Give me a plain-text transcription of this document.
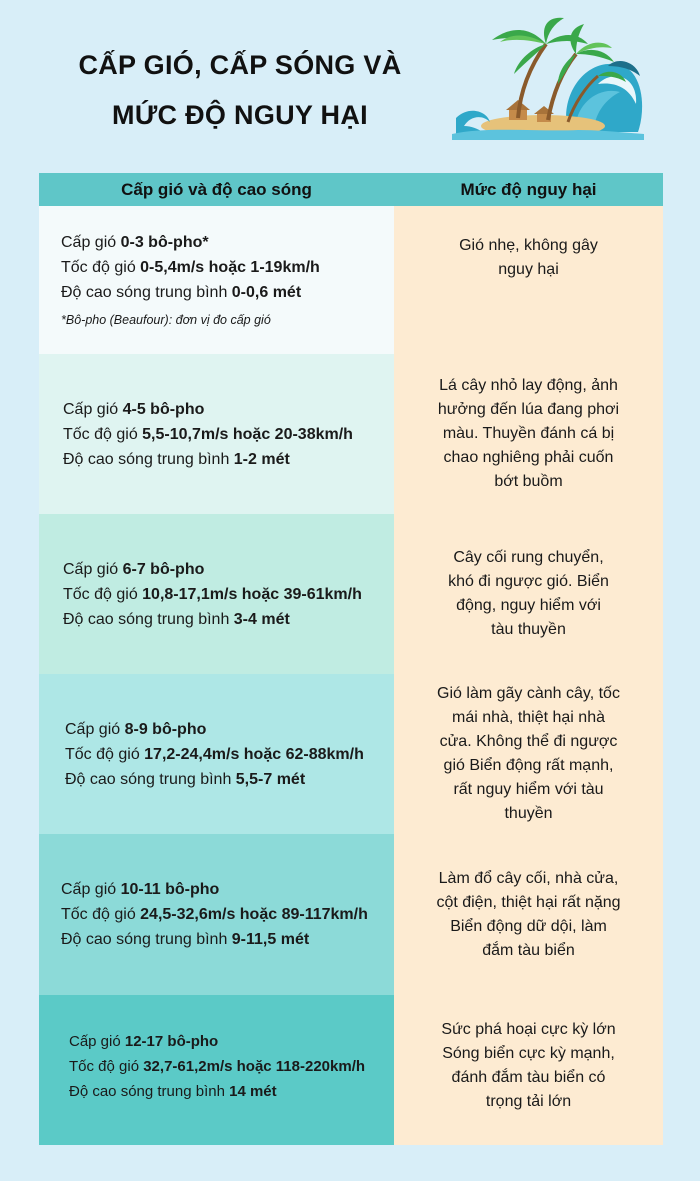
CẤP GIÓ, CẤP SÓNG VÀ
MỨC ĐỘ NGUY HẠI
Cấp gió và độ cao sóng	Mức độ nguy hại
Cấp gió 0-3 bô-pho*
Tốc độ gió 0-5,4m/s hoặc 1-19km/h
Độ cao sóng trung bình 0-0,6 mét
*Bô-pho (Beaufour): đơn vị đo cấp gió
Gió nhẹ, không gây nguy hại
Cấp gió 4-5 bô-pho
Tốc độ gió 5,5-10,7m/s hoặc 20-38km/h
Độ cao sóng trung bình 1-2 mét
Lá cây nhỏ lay động, ảnh hưởng đến lúa đang phơi màu. Thuyền đánh cá bị chao nghiêng phải cuốn bớt buồm
Cấp gió 6-7 bô-pho
Tốc độ gió 10,8-17,1m/s hoặc 39-61km/h
Độ cao sóng trung bình 3-4 mét
Cây cối rung chuyển, khó đi ngược gió. Biển động, nguy hiểm với tàu thuyền
Cấp gió 8-9 bô-pho
Tốc độ gió 17,2-24,4m/s hoặc 62-88km/h
Độ cao sóng trung bình 5,5-7 mét
Gió làm gãy cành cây, tốc mái nhà, thiệt hại nhà cửa. Không thể đi ngược gió Biển động rất mạnh, rất nguy hiểm với tàu thuyền
Cấp gió 10-11 bô-pho
Tốc độ gió 24,5-32,6m/s hoặc 89-117km/h
Độ cao sóng trung bình 9-11,5 mét
Làm đổ cây cối, nhà cửa, cột điện, thiệt hại rất nặng Biển động dữ dội, làm đắm tàu biển
Cấp gió 12-17 bô-pho
Tốc độ gió 32,7-61,2m/s hoặc 118-220km/h
Độ cao sóng trung bình 14 mét
Sức phá hoại cực kỳ lớn Sóng biển cực kỳ mạnh, đánh đắm tàu biển có trọng tải lớn
